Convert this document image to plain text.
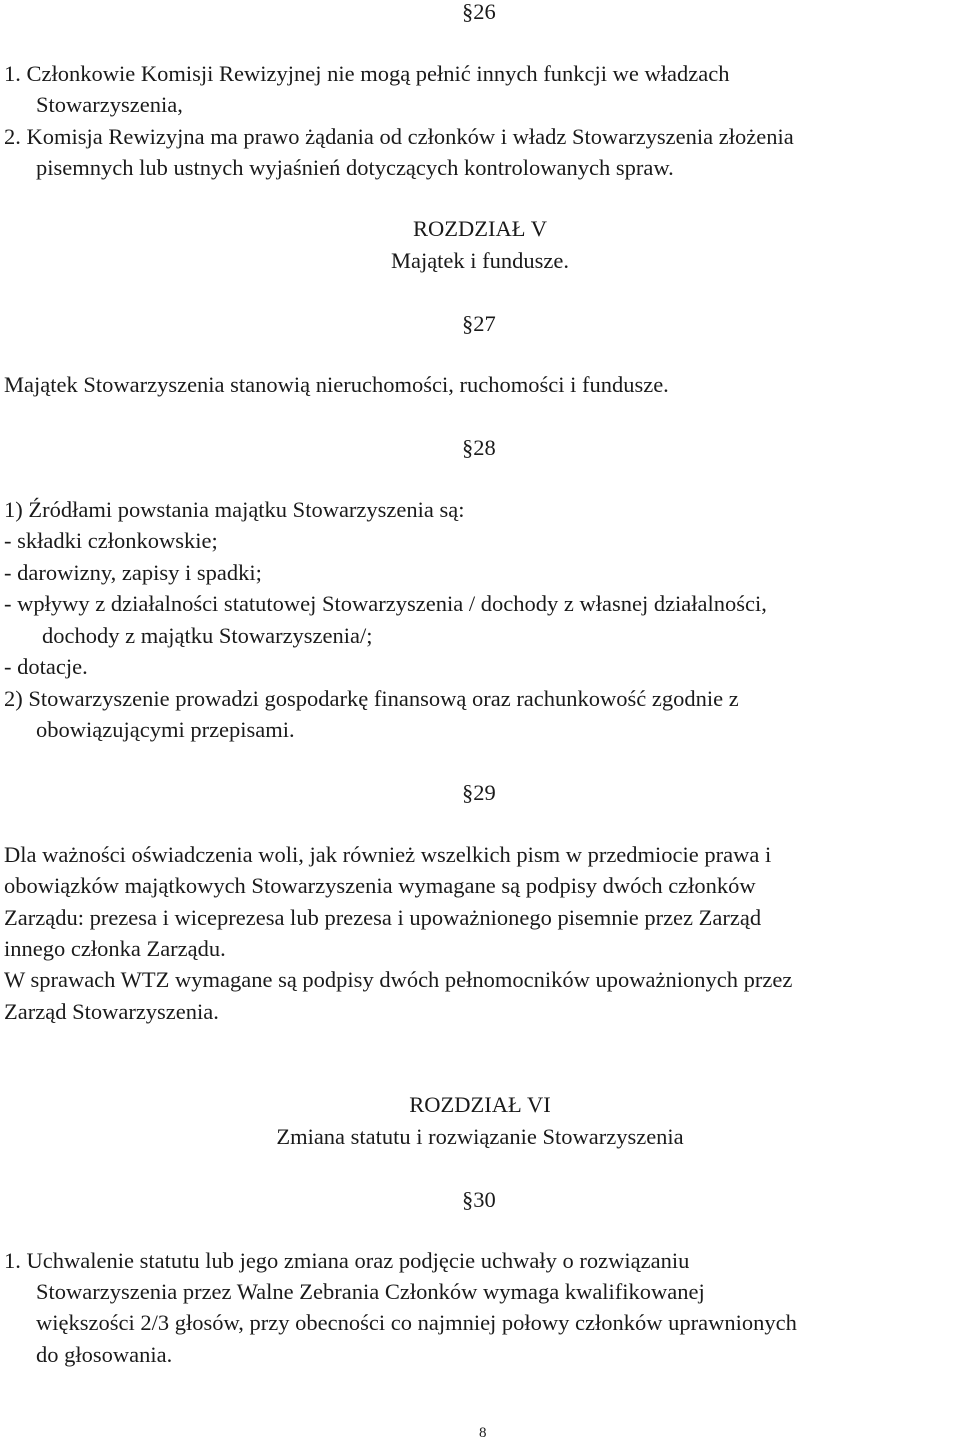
§26

1. Członkowie Komisji Rewizyjnej nie mogą pełnić innych funkcji we władzach

Stowarzyszenia,

2. Komisja Rewizyjna ma prawo żądania od członków i władz Stowarzyszenia złożenia

pisemnych lub ustnych wyjaśnień dotyczących kontrolowanych spraw.

ROZDZIAŁ V
Majątek i fundusze.
§27

Majątek Stowarzyszenia stanowią nieruchomości, ruchomości i fundusze.

§28

1) Źródłami powstania majątku Stowarzyszenia są:

- składki członkowskie;

- darowizny, zapisy i spadki;

- wpływy z działalności statutowej Stowarzyszenia / dochody z własnej działalności,

dochody z majątku Stowarzyszenia/;

- dotacje.

2) Stowarzyszenie prowadzi gospodarkę finansową oraz rachunkowość zgodnie z

obowiązującymi przepisami.

§29

Dla ważności oświadczenia woli, jak również wszelkich pism w przedmiocie prawa i

obowiązków majątkowych Stowarzyszenia wymagane są podpisy dwóch członków

Zarządu: prezesa i wiceprezesa lub prezesa i upoważnionego pisemnie przez Zarząd

innego członka Zarządu.

W sprawach WTZ wymagane są podpisy dwóch pełnomocników upoważnionych przez

Zarząd Stowarzyszenia.

ROZDZIAŁ VI
Zmiana statutu i rozwiązanie Stowarzyszenia
§30

1. Uchwalenie statutu lub jego zmiana oraz podjęcie uchwały o rozwiązaniu

Stowarzyszenia przez Walne Zebrania Członków wymaga kwalifikowanej

większości 2/3 głosów, przy obecności co najmniej połowy członków uprawnionych

do głosowania.

8
